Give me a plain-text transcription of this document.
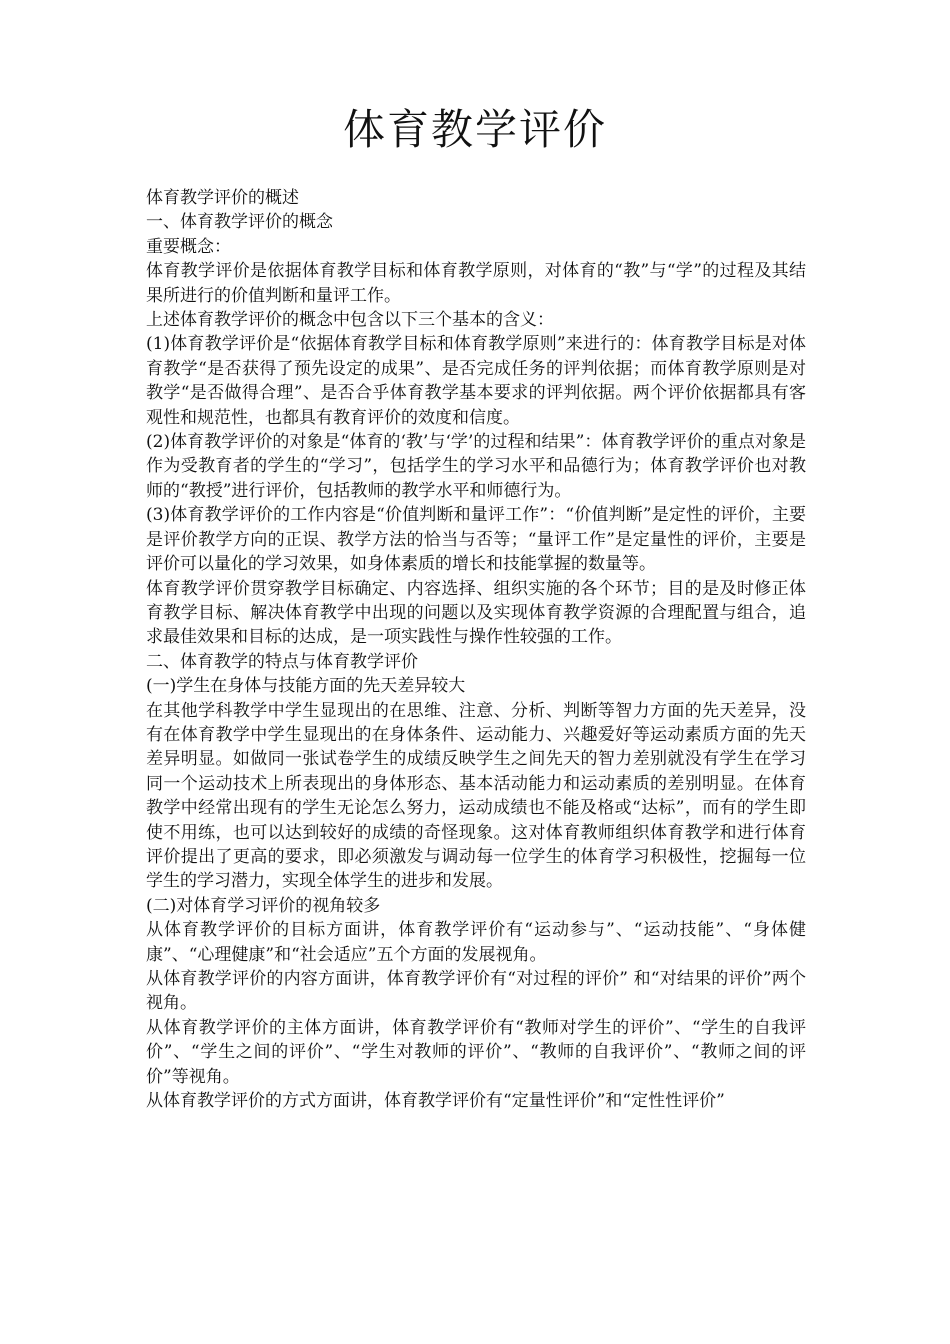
体育教学评价

体育教学评价的概述

一、体育教学评价的概念

重要概念：

体育教学评价是依据体育教学目标和体育教学原则，对体育的“教”与“学”的过程及其结果所进行的价值判断和量评工作。

上述体育教学评价的概念中包含以下三个基本的含义：

(1)体育教学评价是“依据体育教学目标和体育教学原则”来进行的：体育教学目标是对体育教学“是否获得了预先设定的成果”、是否完成任务的评判依据；而体育教学原则是对教学“是否做得合理”、是否合乎体育教学基本要求的评判依据。两个评价依据都具有客观性和规范性，也都具有教育评价的效度和信度。

(2)体育教学评价的对象是“体育的‘教’与‘学’的过程和结果”：体育教学评价的重点对象是作为受教育者的学生的“学习”，包括学生的学习水平和品德行为；体育教学评价也对教师的“教授”进行评价，包括教师的教学水平和师德行为。

(3)体育教学评价的工作内容是“价值判断和量评工作”：“价值判断”是定性的评价，主要是评价教学方向的正误、教学方法的恰当与否等；“量评工作”是定量性的评价，主要是评价可以量化的学习效果，如身体素质的增长和技能掌握的数量等。

体育教学评价贯穿教学目标确定、内容选择、组织实施的各个环节；目的是及时修正体育教学目标、解决体育教学中出现的问题以及实现体育教学资源的合理配置与组合，追求最佳效果和目标的达成，是一项实践性与操作性较强的工作。

二、体育教学的特点与体育教学评价

(一)学生在身体与技能方面的先天差异较大

在其他学科教学中学生显现出的在思维、注意、分析、判断等智力方面的先天差异，没有在体育教学中学生显现出的在身体条件、运动能力、兴趣爱好等运动素质方面的先天差异明显。如做同一张试卷学生的成绩反映学生之间先天的智力差别就没有学生在学习同一个运动技术上所表现出的身体形态、基本活动能力和运动素质的差别明显。在体育教学中经常出现有的学生无论怎么努力，运动成绩也不能及格或“达标”，而有的学生即使不用练，也可以达到较好的成绩的奇怪现象。这对体育教师组织体育教学和进行体育评价提出了更高的要求，即必须激发与调动每一位学生的体育学习积极性，挖掘每一位学生的学习潜力，实现全体学生的进步和发展。

(二)对体育学习评价的视角较多

从体育教学评价的目标方面讲，体育教学评价有“运动参与”、“运动技能”、“身体健康”、“心理健康”和“社会适应”五个方面的发展视角。

从体育教学评价的内容方面讲，体育教学评价有“对过程的评价” 和“对结果的评价”两个视角。

从体育教学评价的主体方面讲，体育教学评价有“教师对学生的评价”、“学生的自我评价”、“学生之间的评价”、“学生对教师的评价”、“教师的自我评价”、“教师之间的评价”等视角。

从体育教学评价的方式方面讲，体育教学评价有“定量性评价”和“定性性评价”
